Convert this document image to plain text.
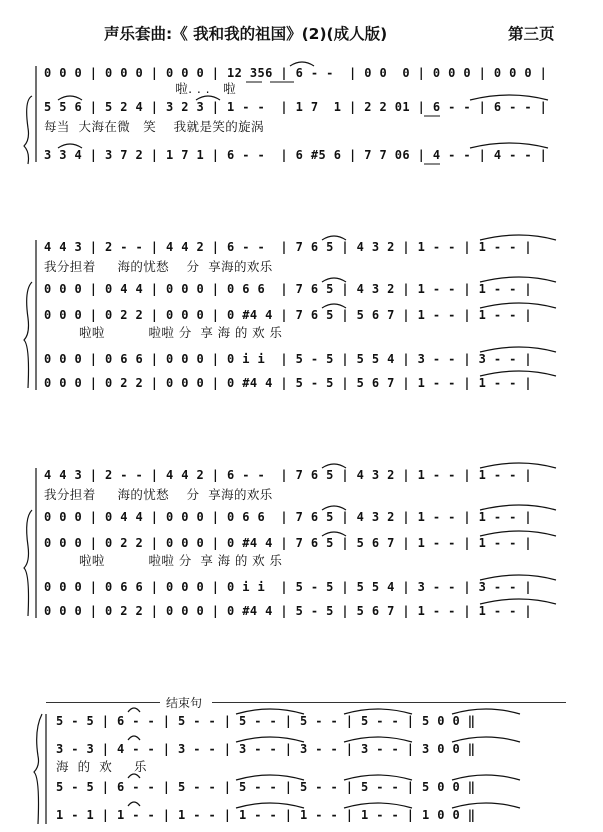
声乐套曲:《 我和我的祖国》(2)(成人版)	第三页
0 0 0 | 0 0 0 | 0 0 0 | 12 356 | 6 - -  | 0 0  0 | 0 0 0 | 0 0 0 |
啦. . .   啦
5 5 6 | 5 2 4 | 3 2 3 | 1 - -  | 1 7  1 | 2 2 01 | 6 - - | 6 - - |
每当  大海在微   笑    我就是笑的旋涡
3 3 4 | 3 7 2 | 1 7 1 | 6 - -  | 6 #5 6 | 7 7 06 | 4 - - | 4 - - |
4 4 3 | 2 - - | 4 4 2 | 6 - -  | 7 6 5 | 4 3 2 | 1 - - | 1 - - |
我分担着     海的忧愁    分  享海的欢乐
0 0 0 | 0 4 4 | 0 0 0 | 0 6 6  | 7 6 5 | 4 3 2 | 1 - - | 1 - - |
0 0 0 | 0 2 2 | 0 0 0 | 0 #4 4 | 7 6 5 | 5 6 7 | 1 - - | 1 - - |
啦啦          啦啦 分  享 海 的 欢 乐
0 0 0 | 0 6 6 | 0 0 0 | 0 i i  | 5 - 5 | 5 5 4 | 3 - - | 3 - - |
0 0 0 | 0 2 2 | 0 0 0 | 0 #4 4 | 5 - 5 | 5 6 7 | 1 - - | 1 - - |
4 4 3 | 2 - - | 4 4 2 | 6 - -  | 7 6 5 | 4 3 2 | 1 - - | 1 - - |
我分担着     海的忧愁    分  享海的欢乐
0 0 0 | 0 4 4 | 0 0 0 | 0 6 6  | 7 6 5 | 4 3 2 | 1 - - | 1 - - |
0 0 0 | 0 2 2 | 0 0 0 | 0 #4 4 | 7 6 5 | 5 6 7 | 1 - - | 1 - - |
啦啦          啦啦 分  享 海 的 欢 乐
0 0 0 | 0 6 6 | 0 0 0 | 0 i i  | 5 - 5 | 5 5 4 | 3 - - | 3 - - |
0 0 0 | 0 2 2 | 0 0 0 | 0 #4 4 | 5 - 5 | 5 6 7 | 1 - - | 1 - - |
结束句
5 - 5 | 6 - - | 5 - - | 5 - - | 5 - - | 5 - - | 5 0 0 ‖
3 - 3 | 4 - - | 3 - - | 3 - - | 3 - - | 3 - - | 3 0 0 ‖
海  的  欢     乐
5 - 5 | 6 - - | 5 - - | 5 - - | 5 - - | 5 - - | 5 0 0 ‖
1 - 1 | 1 - - | 1 - - | 1 - - | 1 - - | 1 - - | 1 0 0 ‖
